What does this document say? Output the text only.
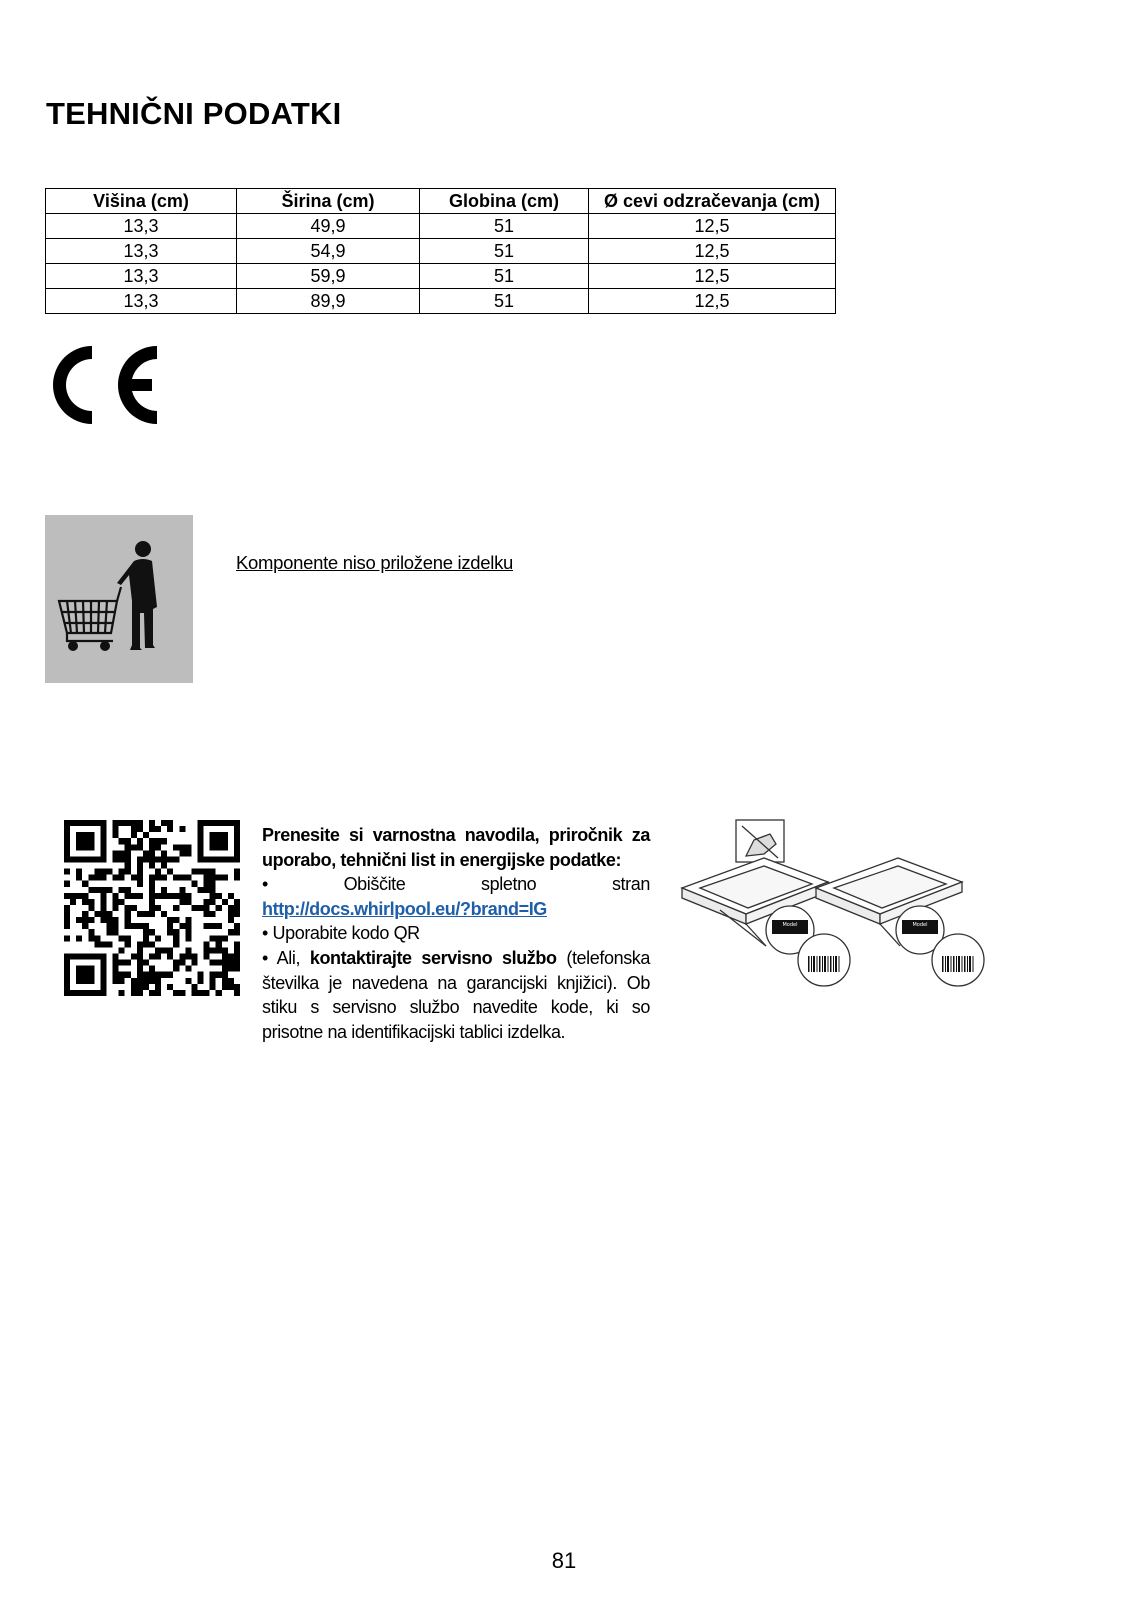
TEHNIČNI PODATKI
Višina (cm)	Širina (cm)	Globina (cm)	Ø cevi odzračevanja (cm)
13,3	49,9	51	12,5
13,3	54,9	51	12,5
13,3	59,9	51	12,5
13,3	89,9	51	12,5
Komponente niso priložene izdelku

Prenesite si varnostna navodila, priročnik za uporabo, tehnični list in energijske podatke:

•	Obiščite	spletno	stran

http://docs.whirlpool.eu/?brand=IG

• Uporabite kodo QR

• Ali, kontaktirajte servisno službo (telefonska številka je navedena na garancijski knjižici). Ob stiku s servisno službo navedite kode, ki so prisotne na identifikacijski tablici izdelka.

Model	Model
81
